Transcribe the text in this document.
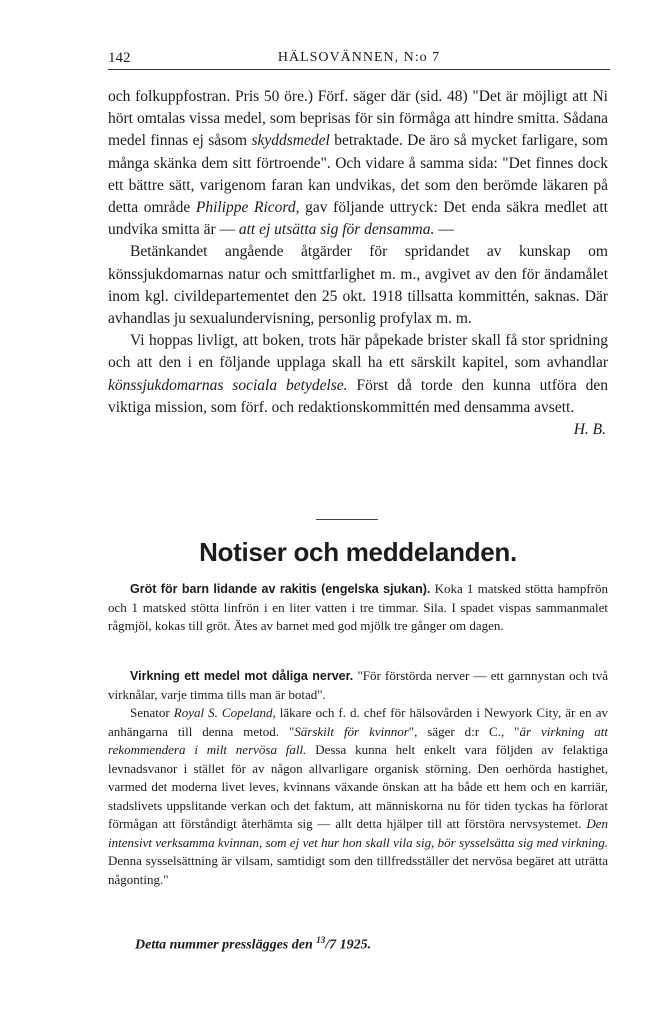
142	HÄLSOVÄNNEN, N:o 7

och folkuppfostran. Pris 50 öre.) Förf. säger där (sid. 48) "Det är möjligt att Ni hört omtalas vissa medel, som beprisas för sin förmåga att hindre smitta. Sådana medel finnas ej såsom skyddsmedel betraktade. De äro så mycket farligare, som många skänka dem sitt förtroende". Och vidare å samma sida: "Det finnes dock ett bättre sätt, varigenom faran kan undvikas, det som den berömde läkaren på detta område Philippe Ricord, gav följande uttryck: Det enda säkra medlet att undvika smitta är — att ej utsätta sig för densamma. —

Betänkandet angående åtgärder för spridandet av kunskap om könssjukdomarnas natur och smittfarlighet m. m., avgivet av den för ändamålet inom kgl. civildepartementet den 25 okt. 1918 tillsatta kommittén, saknas. Där avhandlas ju sexualundervisning, personlig profylax m. m.

Vi hoppas livligt, att boken, trots här påpekade brister skall få stor spridning och att den i en följande upplaga skall ha ett särskilt kapitel, som avhandlar könssjukdomarnas sociala betydelse. Först då torde den kunna utföra den viktiga mission, som förf. och redaktionskommittén med densamma avsett.
H. B.

Notiser och meddelanden.

Gröt för barn lidande av rakitis (engelska sjukan). Koka 1 matsked stötta hampfrön och 1 matsked stötta linfrön i en liter vatten i tre timmar. Sila. I spadet vispas sammanmalet rågmjöl, kokas till gröt. Ätes av barnet med god mjölk tre gånger om dagen.

Virkning ett medel mot dåliga nerver. "För förstörda nerver — ett garnnystan och två virknålar, varje timma tills man är botad".

Senator Royal S. Copeland, läkare och f. d. chef för hälsovården i Newyork City, är en av anhängarna till denna metod. "Särskilt för kvinnor", säger d:r C., "är virkning att rekommendera i milt nervösa fall. Dessa kunna helt enkelt vara följden av felaktiga levnadsvanor i stället för av någon allvarligare organisk störning. Den oerhörda hastighet, varmed det moderna livet leves, kvinnans växande önskan att ha både ett hem och en karriär, stadslivets uppslitande verkan och det faktum, att människorna nu för tiden tyckas ha förlorat förmågan att förståndigt återhämta sig — allt detta hjälper till att förstöra nervsystemet. Den intensivt verksamma kvinnan, som ej vet hur hon skall vila sig, bör sysselsätta sig med virkning. Denna sysselsättning är vilsam, samtidigt som den tillfredsställer det nervösa begäret att uträtta någonting."

Detta nummer presslägges den $^{13}$/7 1925.
